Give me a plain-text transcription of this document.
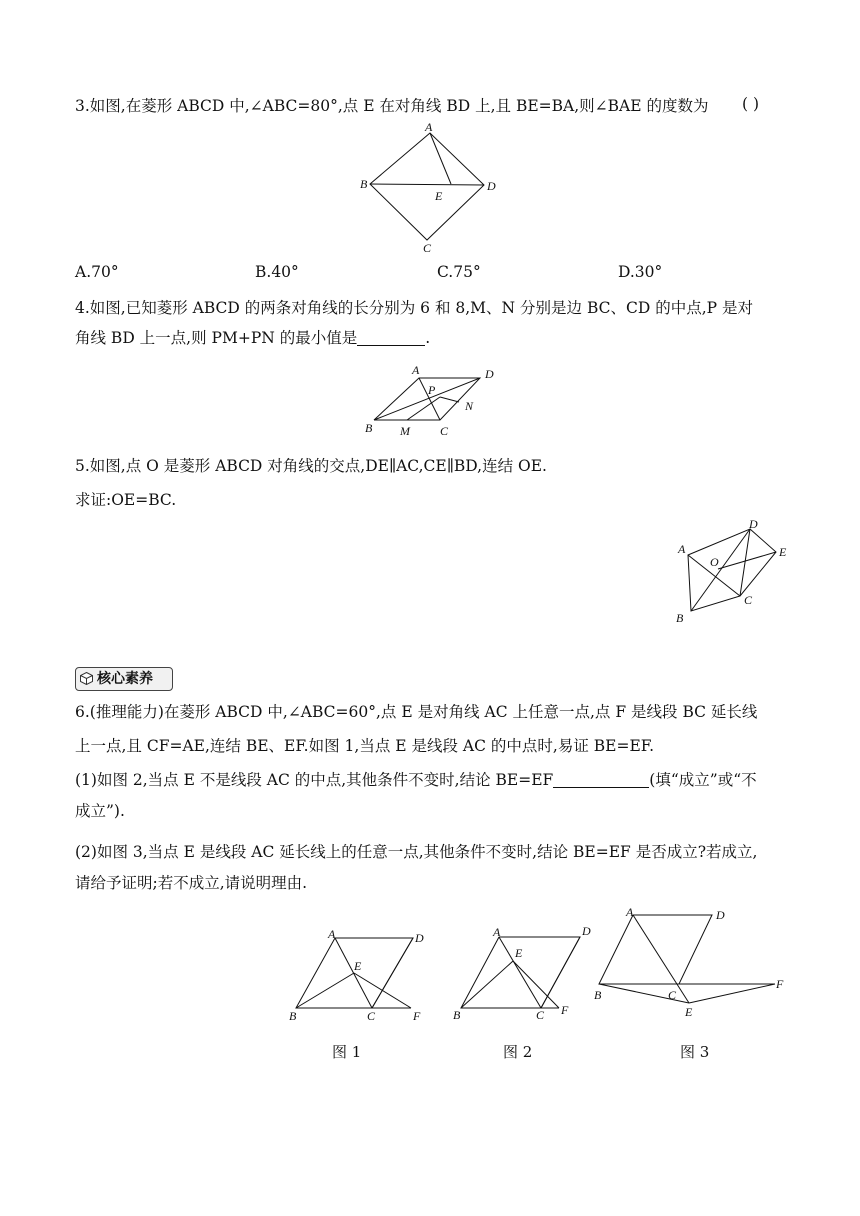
3.如图,在菱形 ABCD 中,∠ABC=80°,点 E 在对角线 BD 上,且 BE=BA,则∠BAE 的度数为 ( )
A
B
C
D
E
A.70°	B.40°	C.75°	D.30°
4.如图,已知菱形 ABCD 的两条对角线的长分别为 6 和 8,M、N 分别是边 BC、CD 的中点,P 是对
角线 BD 上一点,则 PM+PN 的最小值是	.
A	D
P
N
B M	C
5.如图,点 O 是菱形 ABCD 对角线的交点,DE∥AC,CE∥BD,连结 OE.
求证:OE=BC.
D
A
O
E
C
B
核心素养
6.(推理能力)在菱形 ABCD 中,∠ABC=60°,点 E 是对角线 AC 上任意一点,点 F 是线段 BC 延长线
上一点,且 CF=AE,连结 BE、EF.如图 1,当点 E 是线段 AC 的中点时,易证 BE=EF.
(1)如图 2,当点 E 不是线段 AC 的中点,其他条件不变时,结论 BE=EF	(填“成立”或“不
成立”).
(2)如图 3,当点 E 是线段 AC 延长线上的任意一点,其他条件不变时,结论 BE=EF 是否成立?若成立,
请给予证明;若不成立,请说明理由.
A	D
E
B	C	F
A	D
E
B	C F
A	D
E
B	C
F
图 1	图 2	图 3
